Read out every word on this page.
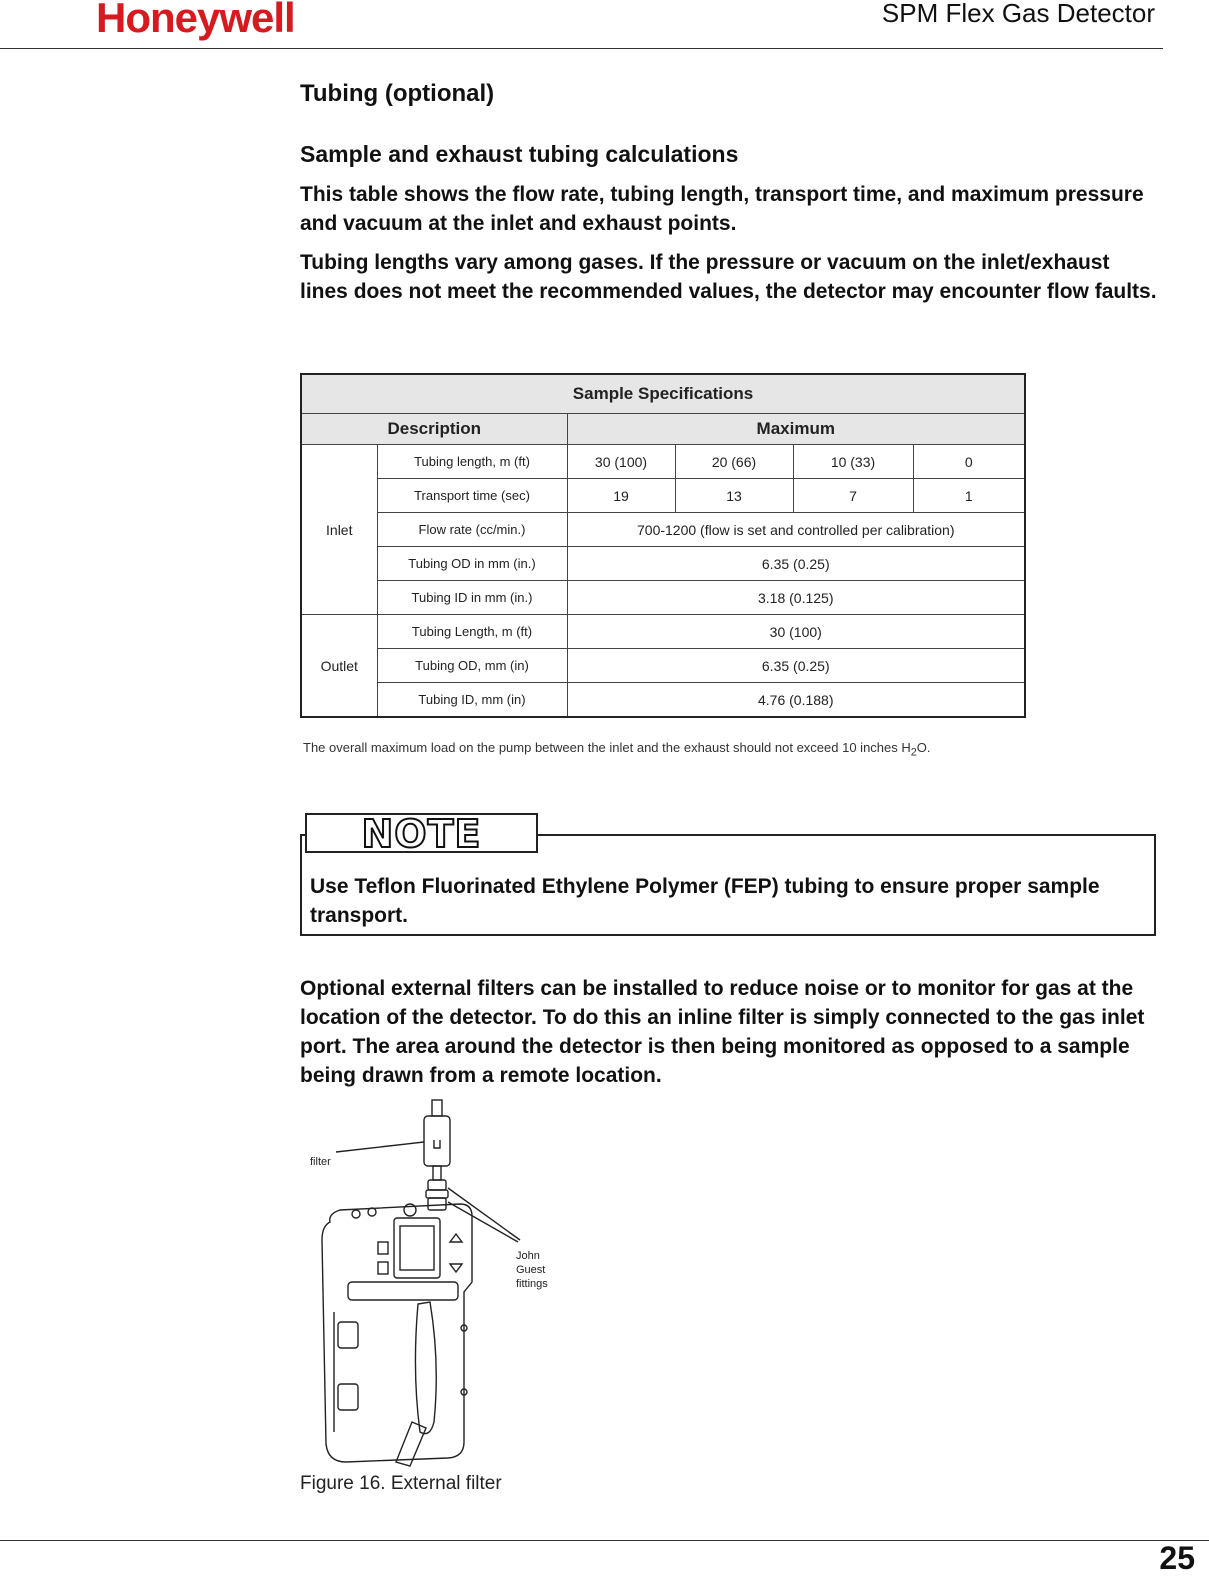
Honeywell	SPM Flex Gas Detector
Tubing (optional)
Sample and exhaust tubing calculations
This table shows the flow rate, tubing length, transport time, and maximum pressure and vacuum at the inlet and exhaust points.
Tubing lengths vary among gases. If the pressure or vacuum on the inlet/exhaust lines does not meet the recommended values, the detector may encounter flow faults.
Sample Specifications					
Description		Maximum			
Inlet	Tubing length, m (ft)	30 (100)	20 (66)	10 (33)	0
	Transport time (sec)	19	13	7	1
	Flow rate (cc/min.)	700-1200 (flow is set and controlled per calibration)			
	Tubing OD in mm (in.)	6.35 (0.25)			
	Tubing ID in mm (in.)	3.18 (0.125)			
Outlet	Tubing Length, m (ft)	30 (100)			
	Tubing OD, mm (in)	6.35 (0.25)			
	Tubing ID, mm (in)	4.76 (0.188)			
The overall maximum load on the pump between the inlet and the exhaust should not exceed 10 inches $H_2O$.
NOTE
Use Teflon Fluorinated Ethylene Polymer (FEP) tubing to ensure proper sample transport.
Optional external filters can be installed to reduce noise or to monitor for gas at the location of the detector. To do this an inline filter is simply connected to the gas inlet port. The area around the detector is then being monitored as opposed to a sample being drawn from a remote location.
filter
John
Guest
fittings
Figure 16. External filter
25
